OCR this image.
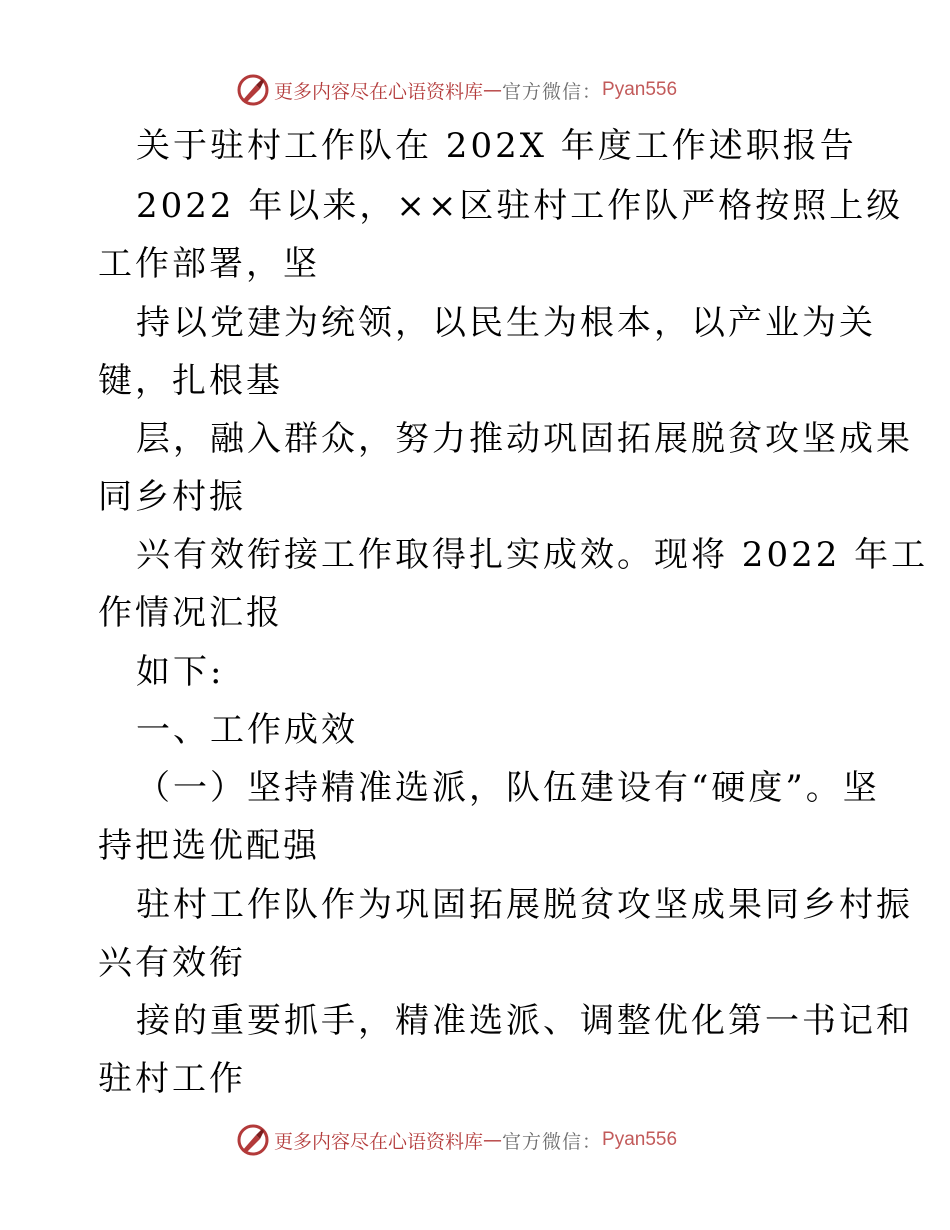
更多内容尽在心语资料库 — 官方微信： Pyan556
关于驻村工作队在 202X 年度工作述职报告
2022 年以来，××区驻村工作队严格按照上级
工作部署，坚
持以党建为统领，以民生为根本，以产业为关
键，扎根基
层，融入群众，努力推动巩固拓展脱贫攻坚成果
同乡村振
兴有效衔接工作取得扎实成效。现将 2022 年工
作情况汇报
如下:
一、工作成效
（一）坚持精准选派，队伍建设有“硬度”。坚
持把选优配强
驻村工作队作为巩固拓展脱贫攻坚成果同乡村振
兴有效衔
接的重要抓手，精准选派、调整优化第一书记和
驻村工作
更多内容尽在心语资料库 — 官方微信： Pyan556
